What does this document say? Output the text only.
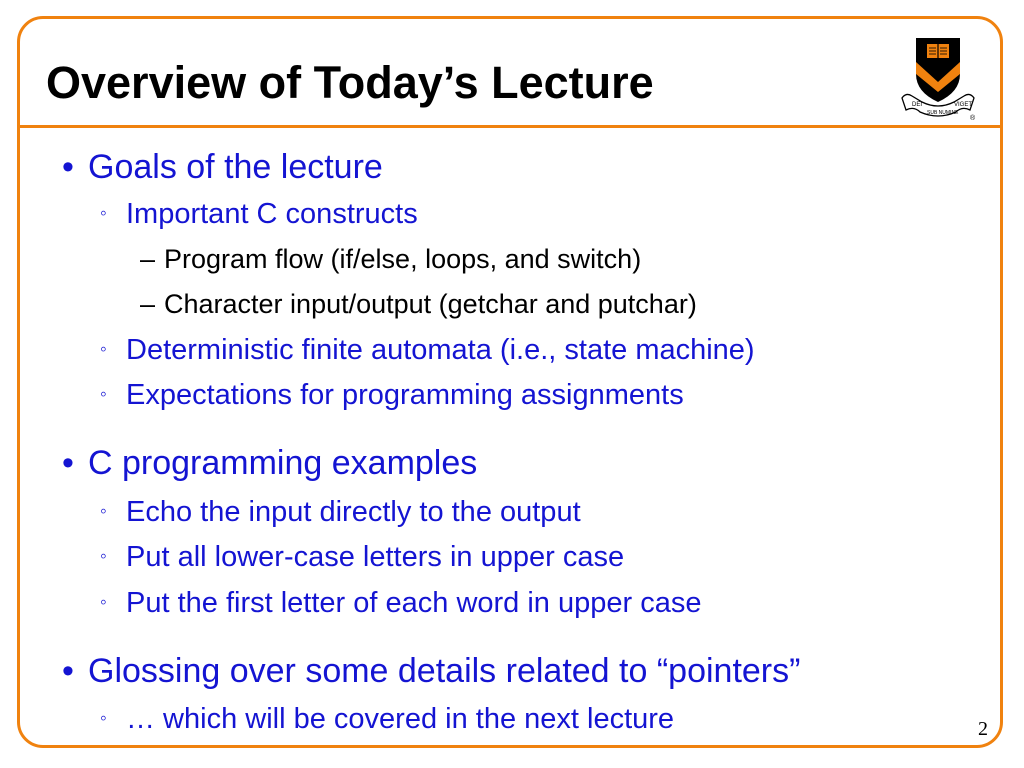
Overview of Today’s Lecture	DEI
SUB NUMINE
VIGET
®
• Goals of the lecture
◦ Important C constructs
– Program flow (if/else, loops, and switch)
– Character input/output (getchar and putchar)
◦ Deterministic finite automata (i.e., state machine)
◦ Expectations for programming assignments
• C programming examples
◦ Echo the input directly to the output
◦ Put all lower-case letters in upper case
◦ Put the first letter of each word in upper case
• Glossing over some details related to “pointers”
◦ … which will be covered in the next lecture	2
